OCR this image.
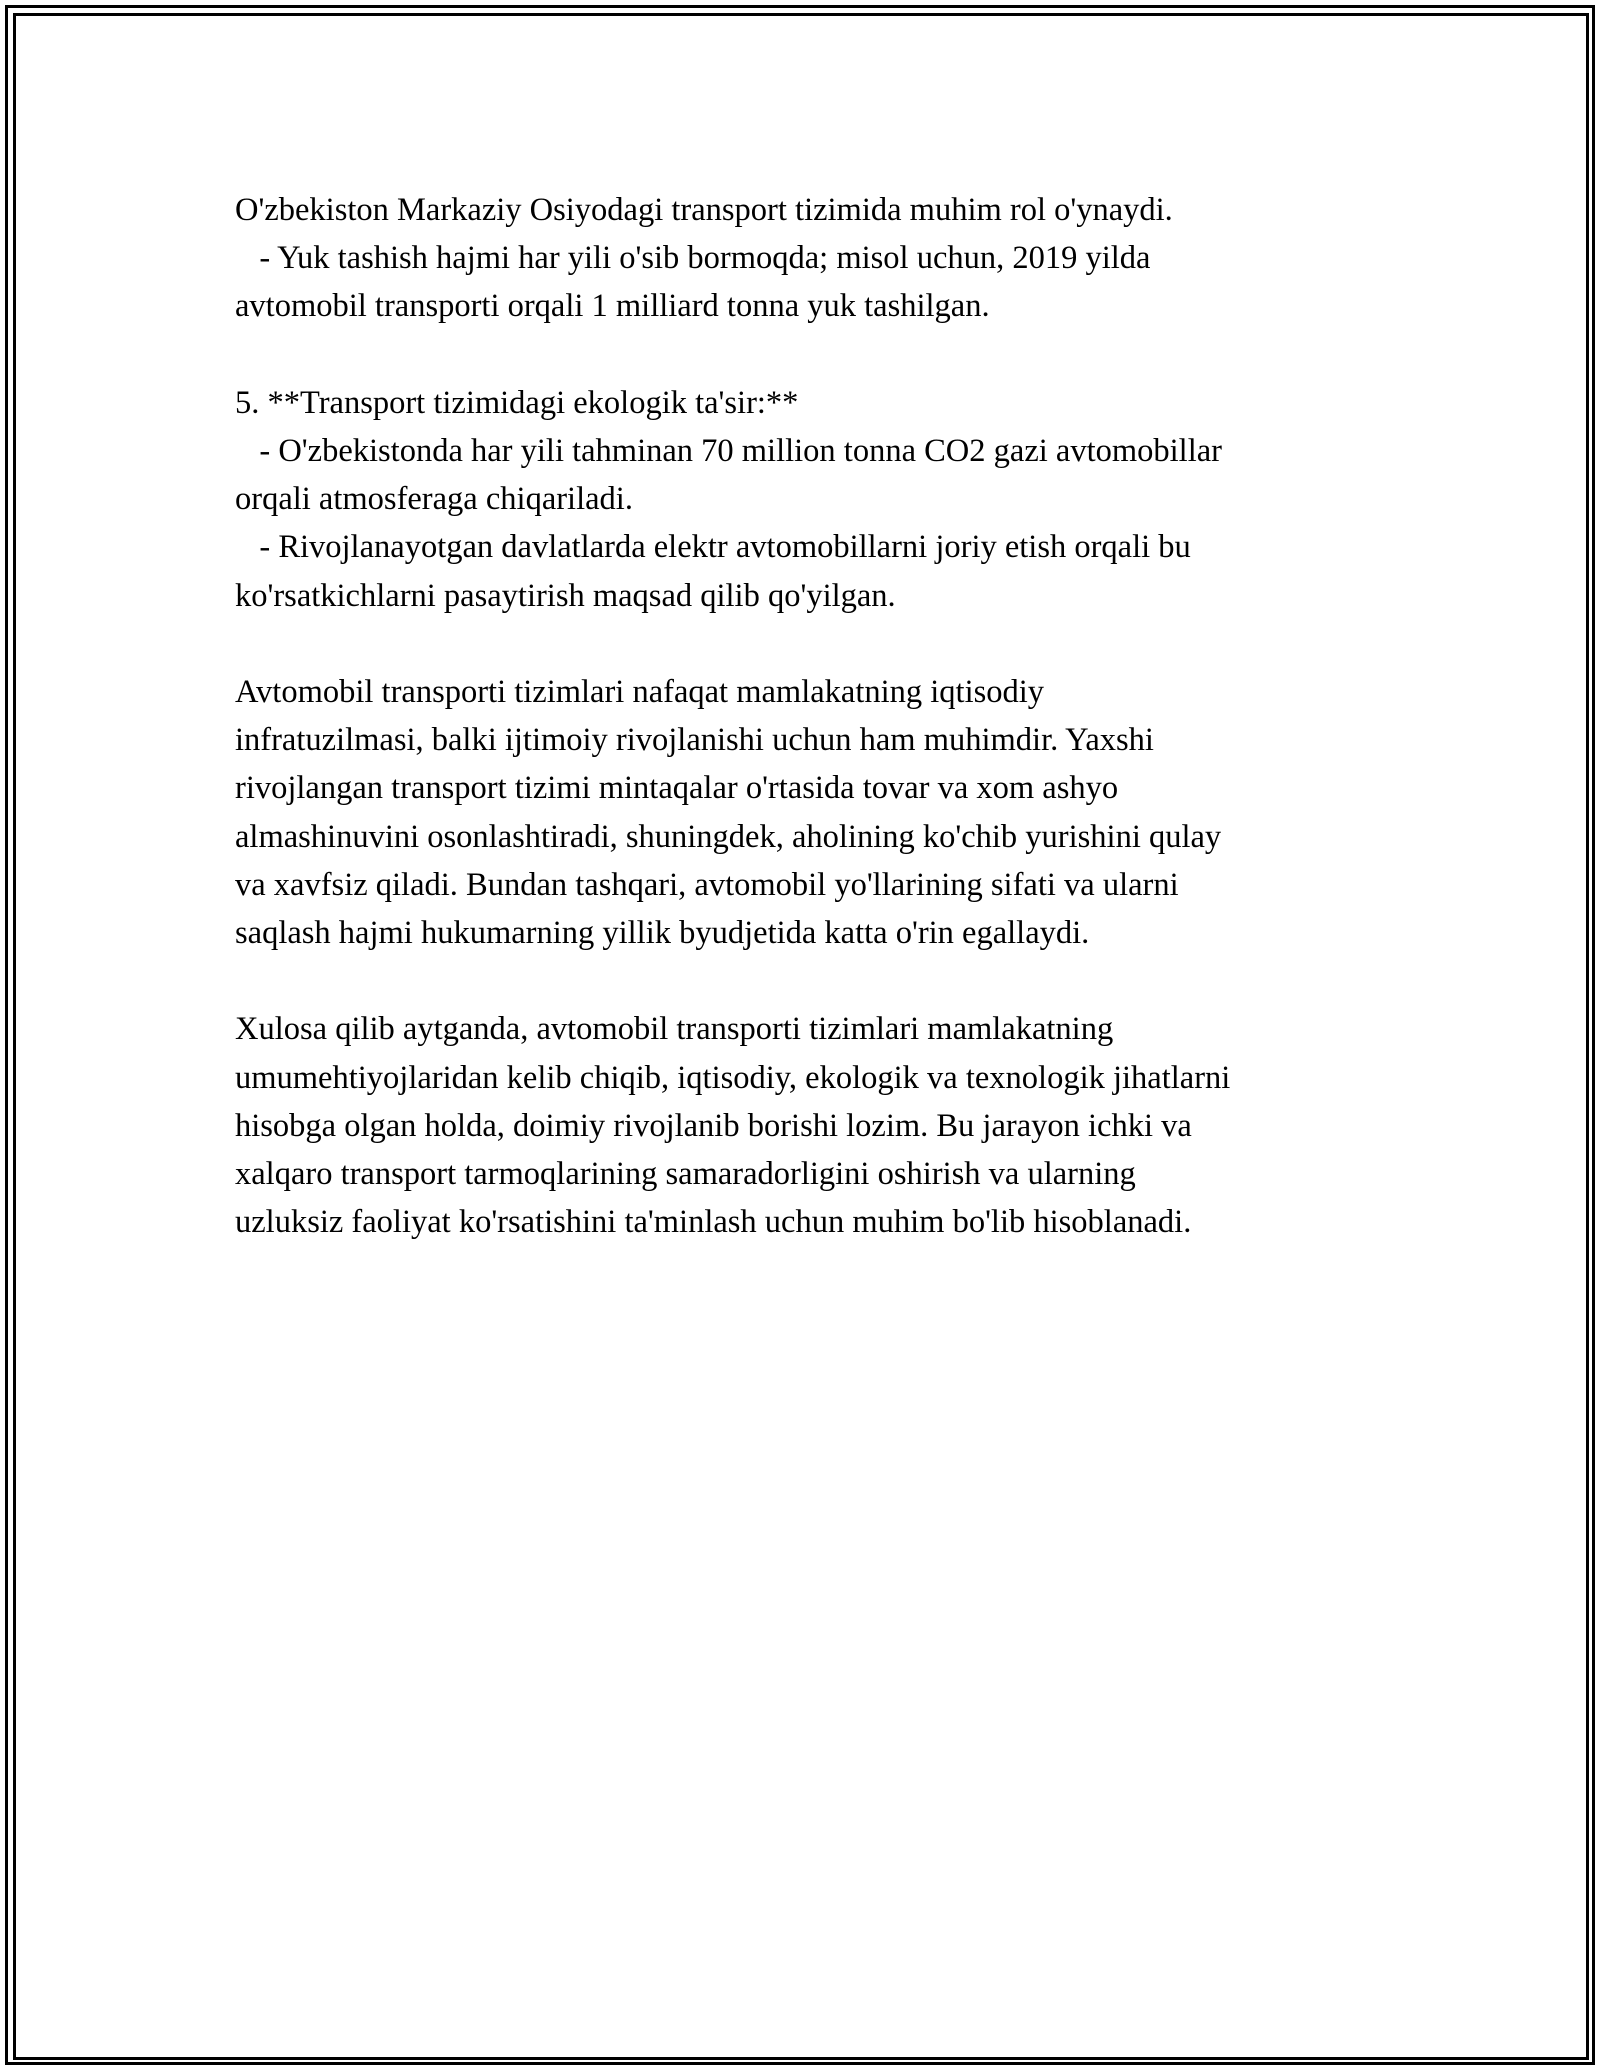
O'zbekiston Markaziy Osiyodagi transport tizimida muhim rol o'ynaydi.
- Yuk tashish hajmi har yili o'sib bormoqda; misol uchun, 2019 yilda
avtomobil transporti orqali 1 milliard tonna yuk tashilgan.
5. **Transport tizimidagi ekologik ta'sir:**
- O'zbekistonda har yili tahminan 70 million tonna CO2 gazi avtomobillar
orqali atmosferaga chiqariladi.
- Rivojlanayotgan davlatlarda elektr avtomobillarni joriy etish orqali bu
ko'rsatkichlarni pasaytirish maqsad qilib qo'yilgan.
Avtomobil transporti tizimlari nafaqat mamlakatning iqtisodiy
infratuzilmasi, balki ijtimoiy rivojlanishi uchun ham muhimdir. Yaxshi
rivojlangan transport tizimi mintaqalar o'rtasida tovar va xom ashyo
almashinuvini osonlashtiradi, shuningdek, aholining ko'chib yurishini qulay
va xavfsiz qiladi. Bundan tashqari, avtomobil yo'llarining sifati va ularni
saqlash hajmi hukumarning yillik byudjetida katta o'rin egallaydi.
Xulosa qilib aytganda, avtomobil transporti tizimlari mamlakatning
umumehtiyojlaridan kelib chiqib, iqtisodiy, ekologik va texnologik jihatlarni
hisobga olgan holda, doimiy rivojlanib borishi lozim. Bu jarayon ichki va
xalqaro transport tarmoqlarining samaradorligini oshirish va ularning
uzluksiz faoliyat ko'rsatishini ta'minlash uchun muhim bo'lib hisoblanadi.
